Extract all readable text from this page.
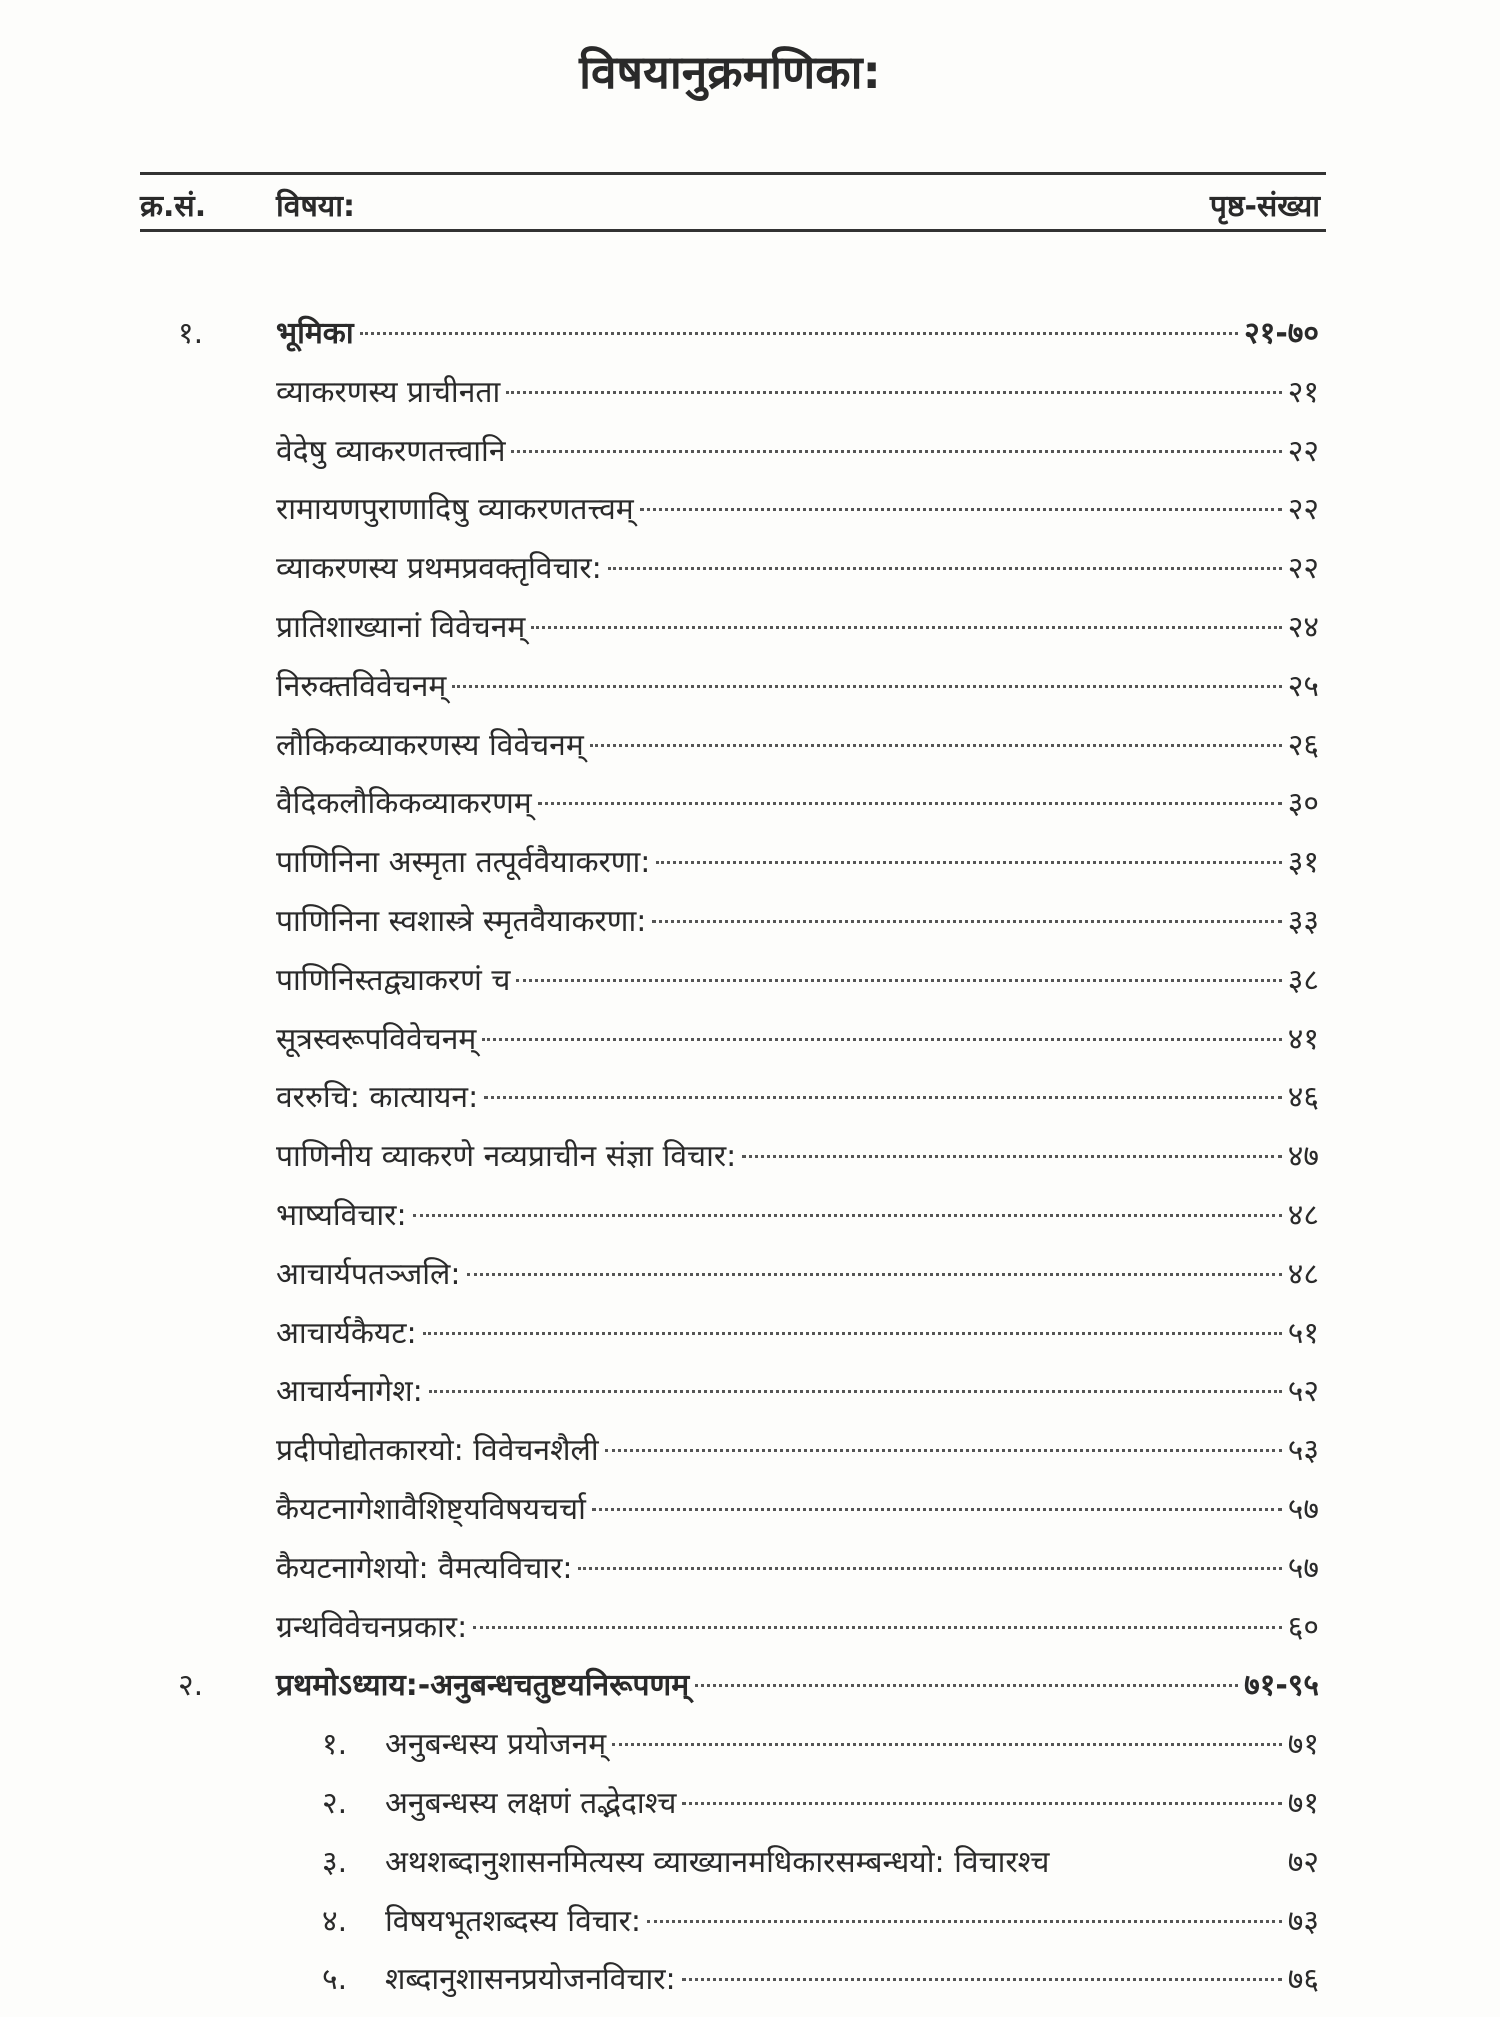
विषयानुक्रमणिका:
क्र.सं. विषया:	पृष्ठ-संख्या
१. भूमिका	२१-७०
व्याकरणस्य प्राचीनता	२१
वेदेषु व्याकरणतत्त्वानि	२२
रामायणपुराणादिषु व्याकरणतत्त्वम्	२२
व्याकरणस्य प्रथमप्रवक्तृविचार:	२२
प्रातिशाख्यानां विवेचनम्	२४
निरुक्तविवेचनम्	२५
लौकिकव्याकरणस्य विवेचनम्	२६
वैदिकलौकिकव्याकरणम्	३०
पाणिनिना अस्मृता तत्पूर्ववैयाकरणा:	३१
पाणिनिना स्वशास्त्रे स्मृतवैयाकरणा:	३३
पाणिनिस्तद्व्याकरणं च	३८
सूत्रस्वरूपविवेचनम्	४१
वररुचि: कात्यायन:	४६
पाणिनीय व्याकरणे नव्यप्राचीन संज्ञा विचार:	४७
भाष्यविचार:	४८
आचार्यपतञ्जलि:	४८
आचार्यकैयट:	५१
आचार्यनागेश:	५२
प्रदीपोद्योतकारयो: विवेचनशैली	५३
कैयटनागेशावैशिष्ट्यविषयचर्चा	५७
कैयटनागेशयो: वैमत्यविचार:	५७
ग्रन्थविवेचनप्रकार:	६०
२. प्रथमोऽध्याय:-अनुबन्धचतुष्टयनिरूपणम्	७१-९५
१. अनुबन्धस्य प्रयोजनम्	७१
२. अनुबन्धस्य लक्षणं तद्भेदाश्च	७१
३. अथशब्दानुशासनमित्यस्य व्याख्यानमधिकारसम्बन्धयो: विचारश्च	७२
४. विषयभूतशब्दस्य विचार:	७३
५. शब्दानुशासनप्रयोजनविचार:	७६
